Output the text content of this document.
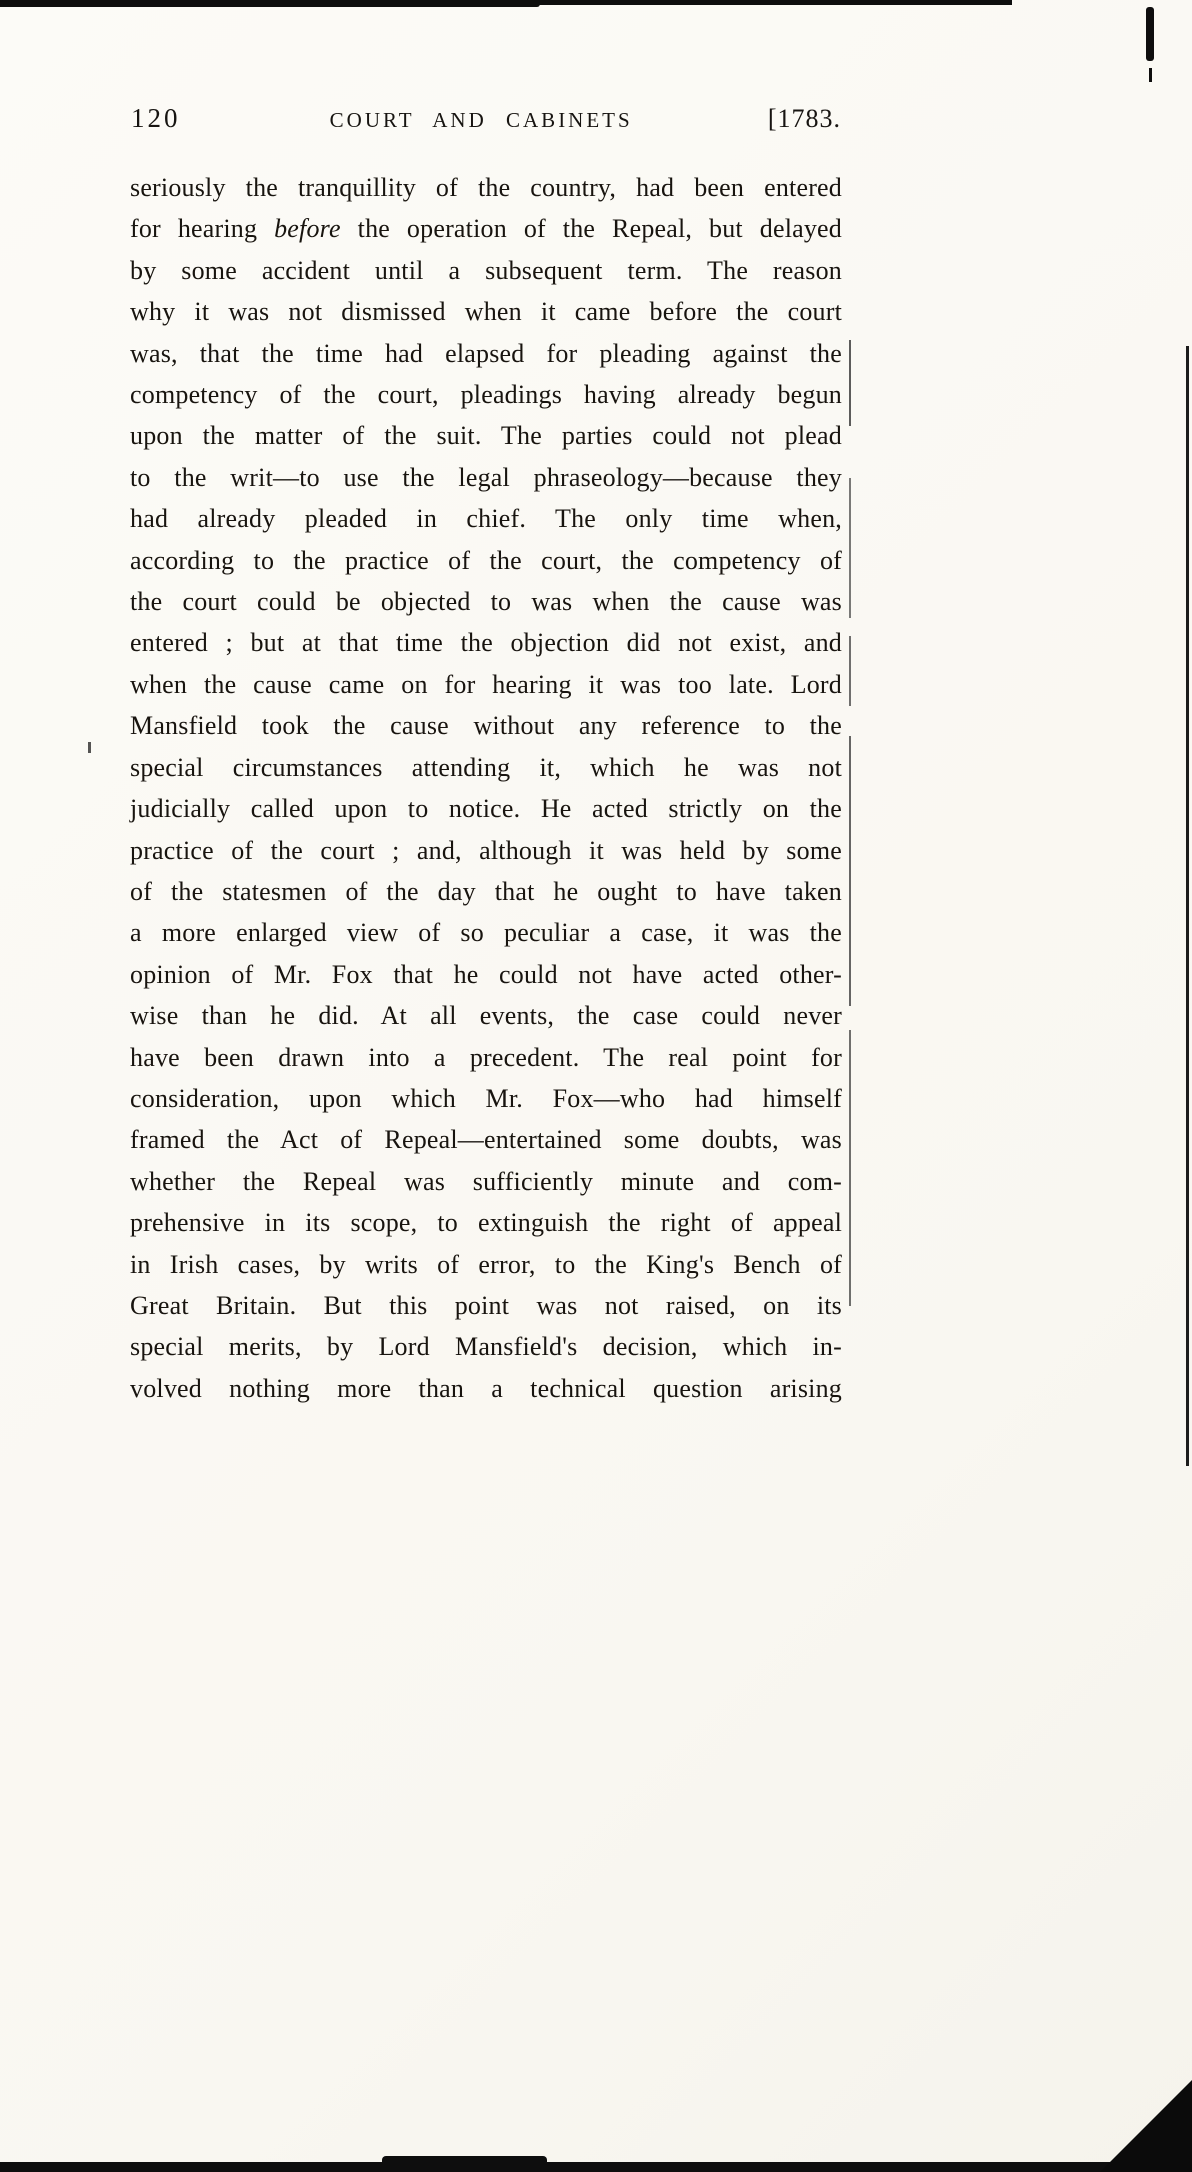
120	COURT AND CABINETS	[1783.
seriously the tranquillity of the country, had been entered
for hearing before the operation of the Repeal, but delayed
by some accident until a subsequent term. The reason
why it was not dismissed when it came before the court
was, that the time had elapsed for pleading against the
competency of the court, pleadings having already begun
upon the matter of the suit. The parties could not plead
to the writ—to use the legal phraseology—because they
had already pleaded in chief. The only time when,
according to the practice of the court, the competency of
the court could be objected to was when the cause was
entered ; but at that time the objection did not exist, and
when the cause came on for hearing it was too late. Lord
Mansfield took the cause without any reference to the
special circumstances attending it, which he was not
judicially called upon to notice. He acted strictly on the
practice of the court ; and, although it was held by some
of the statesmen of the day that he ought to have taken
a more enlarged view of so peculiar a case, it was the
opinion of Mr. Fox that he could not have acted other-
wise than he did. At all events, the case could never
have been drawn into a precedent. The real point for
consideration, upon which Mr. Fox—who had himself
framed the Act of Repeal—entertained some doubts, was
whether the Repeal was sufficiently minute and com-
prehensive in its scope, to extinguish the right of appeal
in Irish cases, by writs of error, to the King's Bench of
Great Britain. But this point was not raised, on its
special merits, by Lord Mansfield's decision, which in-
volved nothing more than a technical question arising
